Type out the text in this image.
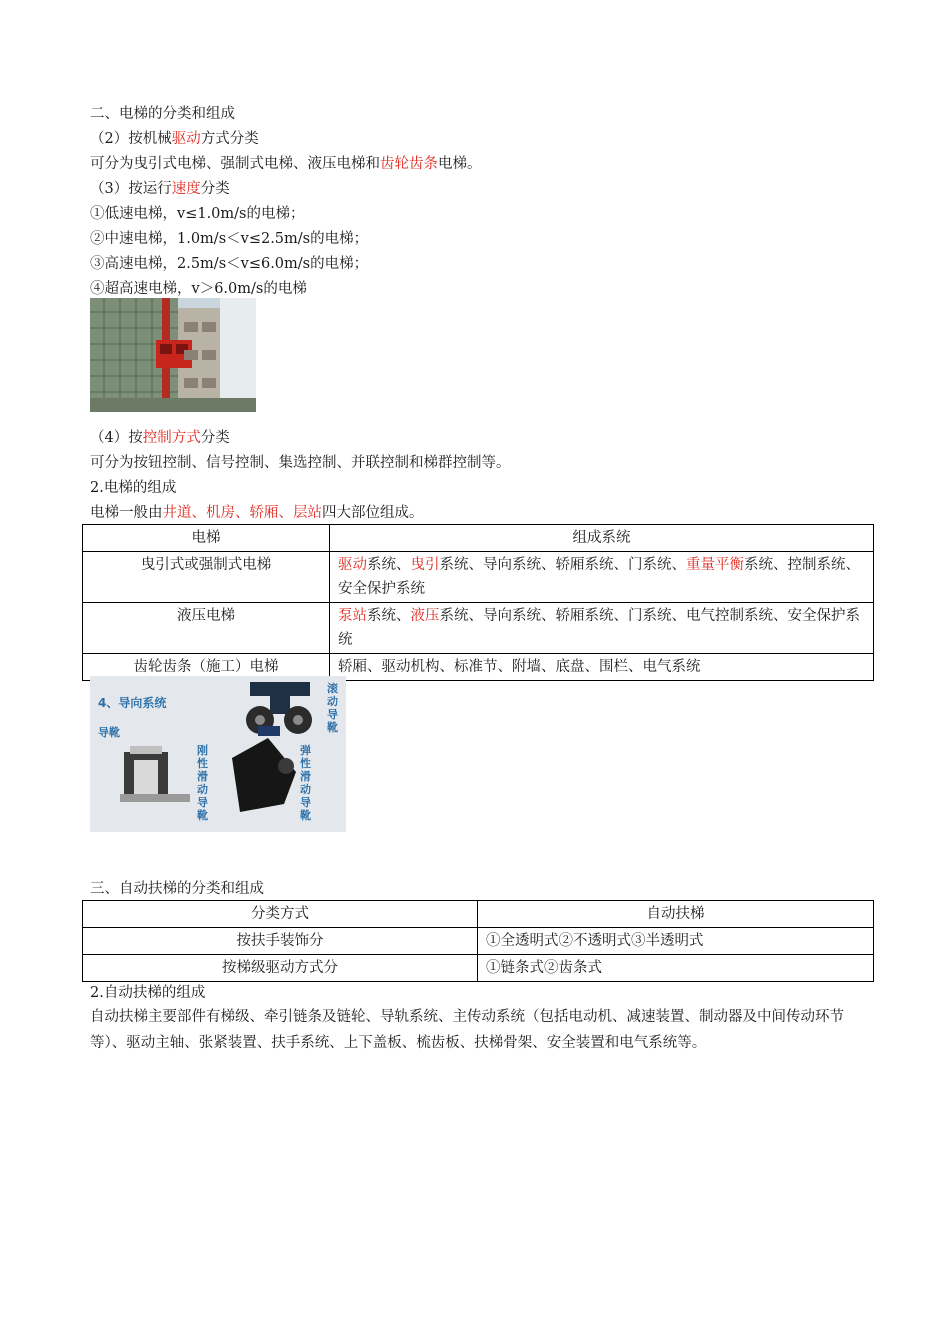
二、电梯的分类和组成
（2）按机械驱动方式分类
可分为曳引式电梯、强制式电梯、液压电梯和齿轮齿条电梯。
（3）按运行速度分类
①低速电梯，v≤1.0m/s的电梯；
②中速电梯，1.0m/s＜v≤2.5m/s的电梯；
③高速电梯，2.5m/s＜v≤6.0m/s的电梯；
④超高速电梯，v＞6.0m/s的电梯
（4）按控制方式分类
可分为按钮控制、信号控制、集选控制、并联控制和梯群控制等。
2.电梯的组成
电梯一般由井道、机房、轿厢、层站四大部位组成。
电梯	组成系统
曳引式或强制式电梯	驱动系统、曳引系统、导向系统、轿厢系统、门系统、重量平衡系统、控制系统、安全保护系统
液压电梯	泵站系统、液压系统、导向系统、轿厢系统、门系统、电气控制系统、安全保护系统
齿轮齿条（施工）电梯	轿厢、驱动机构、标准节、附墙、底盘、围栏、电气系统
4、导向系统
导靴
滚动导靴
刚性滑动导靴
弹性滑动导靴
三、自动扶梯的分类和组成
分类方式	自动扶梯
按扶手装饰分	①全透明式②不透明式③半透明式
按梯级驱动方式分	①链条式②齿条式
2.自动扶梯的组成
自动扶梯主要部件有梯级、牵引链条及链轮、导轨系统、主传动系统（包括电动机、减速装置、制动器及中间传动环节等）、驱动主轴、张紧装置、扶手系统、上下盖板、梳齿板、扶梯骨架、安全装置和电气系统等。
